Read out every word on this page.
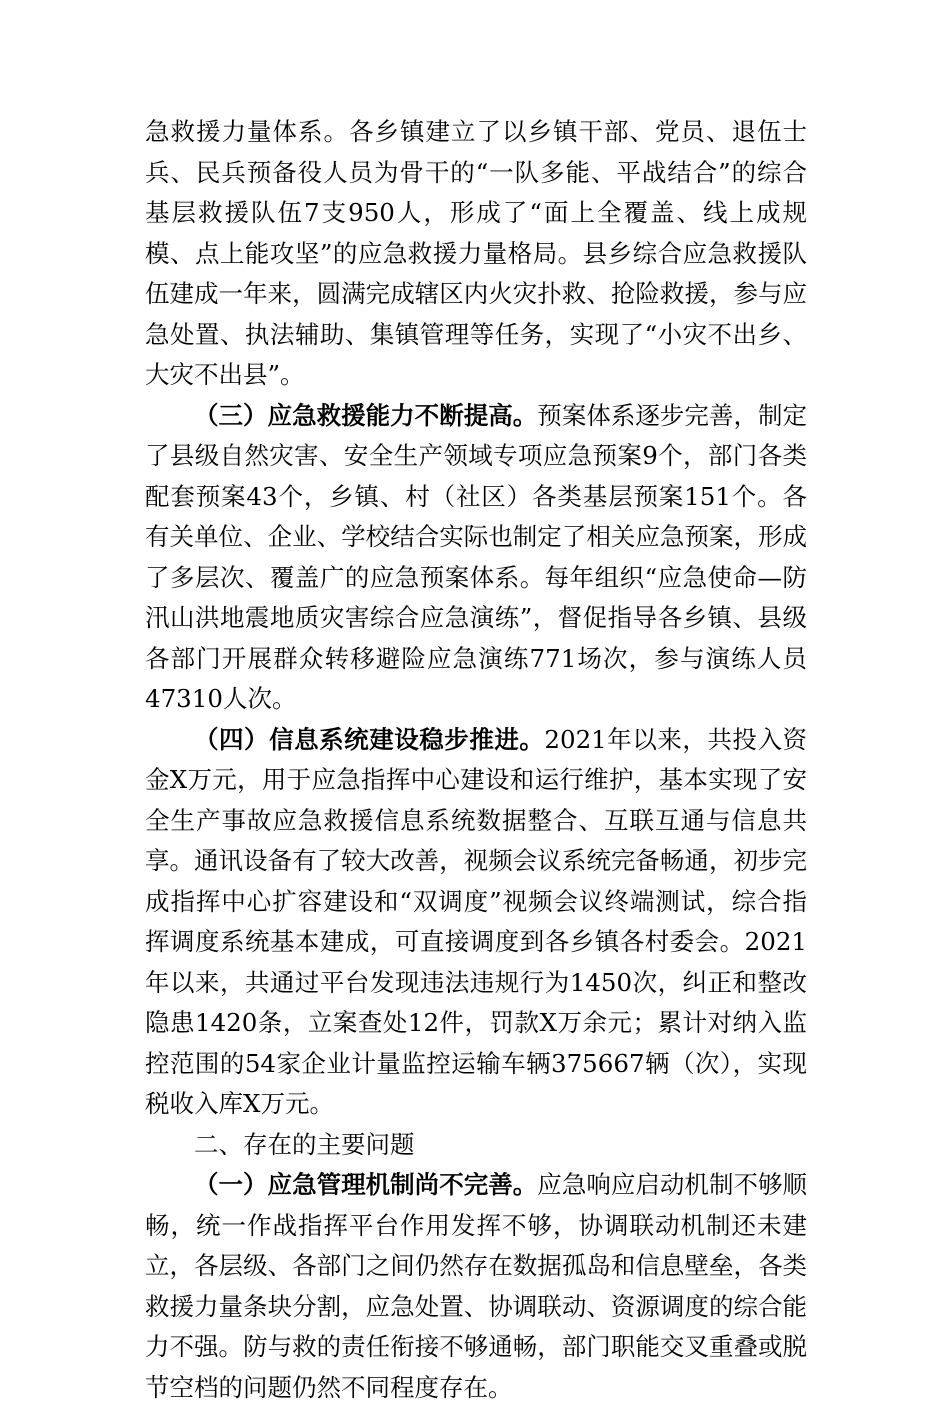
急救援力量体系。各乡镇建立了以乡镇干部、党员、退伍士兵、民兵预备役人员为骨干的“一队多能、平战结合”的综合基层救援队伍7支950人，形成了“面上全覆盖、线上成规模、点上能攻坚”的应急救援力量格局。县乡综合应急救援队伍建成一年来，圆满完成辖区内火灾扑救、抢险救援，参与应急处置、执法辅助、集镇管理等任务，实现了“小灾不出乡、大灾不出县”。

（三）应急救援能力不断提高。预案体系逐步完善，制定了县级自然灾害、安全生产领域专项应急预案9个，部门各类配套预案43个，乡镇、村（社区）各类基层预案151个。各有关单位、企业、学校结合实际也制定了相关应急预案，形成了多层次、覆盖广的应急预案体系。每年组织“应急使命—防汛山洪地震地质灾害综合应急演练”，督促指导各乡镇、县级各部门开展群众转移避险应急演练771场次，参与演练人员47310人次。

（四）信息系统建设稳步推进。2021年以来，共投入资金X万元，用于应急指挥中心建设和运行维护，基本实现了安全生产事故应急救援信息系统数据整合、互联互通与信息共享。通讯设备有了较大改善，视频会议系统完备畅通，初步完成指挥中心扩容建设和“双调度”视频会议终端测试，综合指挥调度系统基本建成，可直接调度到各乡镇各村委会。2021年以来，共通过平台发现违法违规行为1450次，纠正和整改隐患1420条，立案查处12件，罚款X万余元；累计对纳入监控范围的54家企业计量监控运输车辆375667辆（次），实现税收入库X万元。

二、存在的主要问题

（一）应急管理机制尚不完善。应急响应启动机制不够顺畅，统一作战指挥平台作用发挥不够，协调联动机制还未建立，各层级、各部门之间仍然存在数据孤岛和信息壁垒，各类救援力量条块分割，应急处置、协调联动、资源调度的综合能力不强。防与救的责任衔接不够通畅，部门职能交叉重叠或脱节空档的问题仍然不同程度存在。
